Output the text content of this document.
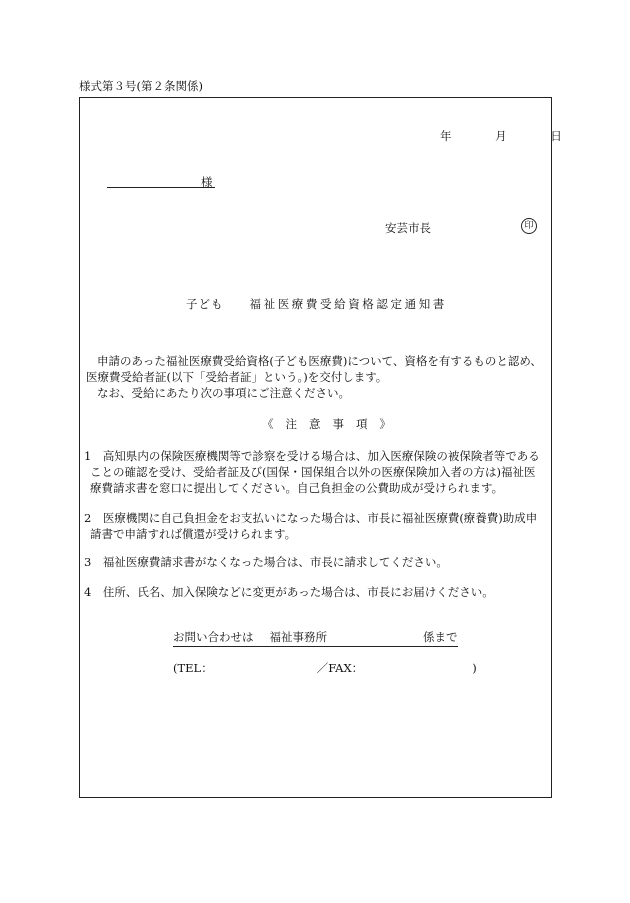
様式第３号(第２条関係)
年	月	日
様
安芸市長	印
子ども 福祉医療費受給資格認定通知書
申請のあった福祉医療費受給資格(子ども医療費)について、資格を有するものと認め、
医療費受給者証(以下「受給者証」という。)を交付します。
なお、受給にあたり次の事項にご注意ください。
《 注 意 事 項 》
1　高知県内の保険医療機関等で診察を受ける場合は、加入医療保険の被保険者等である
ことの確認を受け、受給者証及び(国保・国保組合以外の医療保険加入者の方は)福祉医
療費請求書を窓口に提出してください。自己負担金の公費助成が受けられます。
2　医療機関に自己負担金をお支払いになった場合は、市長に福祉医療費(療養費)助成申
請書で申請すれば償還が受けられます。
3　福祉医療費請求書がなくなった場合は、市長に請求してください。
4　住所、氏名、加入保険などに変更があった場合は、市長にお届けください。
お問い合わせは 福祉事務所	係まで
(TEL：	／FAX：	)
